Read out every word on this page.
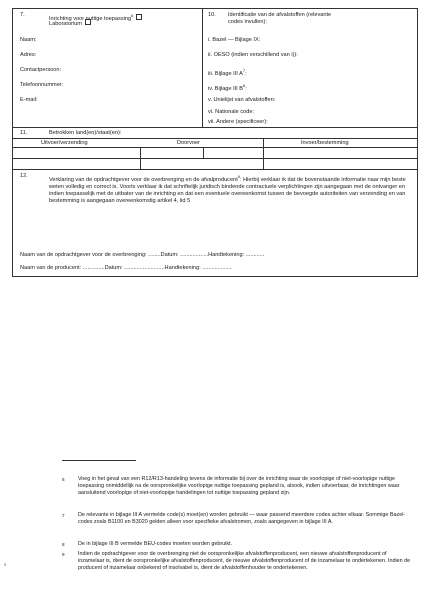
7.
Inrichting voor nuttige toepassing$^6$
Laboratorium
Naam:
Adres:
Contactpersoon:
Telefoonnummer:
E-mail:
10. Identificatie van de afvalstoffen (relevante
codes invullen):
i. Bazel — Bijlage IX:
ii. OESO (indien verschillend van i)):
iii. Bijlage III $A^7$:
iv. Bijlage III $B^8$:
v. Unielijst van afvalstoffen:
vi. Nationale code:
vii. Andere (specificeer):
11.	Betrokken land(en)/staat(en):
Uitvoer/verzending	Doorvoer	Invoer/bestemming
12.
Verklaring van de opdrachtgever voor de overbrenging en de afvalproducent$^9$: Hierbij verklaar ik dat de bovenstaande informatie naar mijn beste weten volledig en correct is. Voorts verklaar ik dat schriftelijk juridisch bindende contractuele verplichtingen zijn aangegaan met de ontvanger en indien toepasselijk met de uitbater van de inrichting en dat een eventuele overeenkomst tussen de bevoegde autoriteiten van verzending en van bestemming is aangegaan overeenkomstig artikel 4, lid 5
Naam van de opdrachtgever voor de overbrenging: ........Datum: ..................Handtekening: ............
Naam van de producent: ..............Datum: ..........................Handtekening: ...................
6 Voeg in het geval van een R12/R13-handeling tevens de informatie bij over de inrichting waar de voorlopige of niet-voorlopige nuttige toepassing onmiddellijk na de oorspronkelijke voorlopige nuttige toepassing gepland is, alsook, indien uitvoerbaar, de inrichtingen waar aansluitend voorlopige of niet-voorlopige handelingen tot nuttige toepassing gepland zijn.
7 De relevante in bijlage III A vermelde code(s) moet(en) worden gebruikt — waar passend meerdere codes achter elkaar. Sommige Bazel-codes zoals B1100 en B3020 gelden alleen voor specifieke afvalstromen, zoals aangegeven in bijlage III A.
8 De in bijlage III B vermelde BEU-codes moeten worden gebruikt.
9 Indien de opdrachtgever voor de overbrenging niet de oorspronkelijke afvalstoffenproducent, een nieuwe afvalstoffenproducent of inzamelaar is, dient de oorspronkelijke afvalstoffenproducent, de nieuwe afvalstoffenproducent of de inzamelaar te ondertekenen. Indien de producent of inzamelaar onbekend of insolvabel is, dient de afvalstoffenhouder te ondertekenen.
9
